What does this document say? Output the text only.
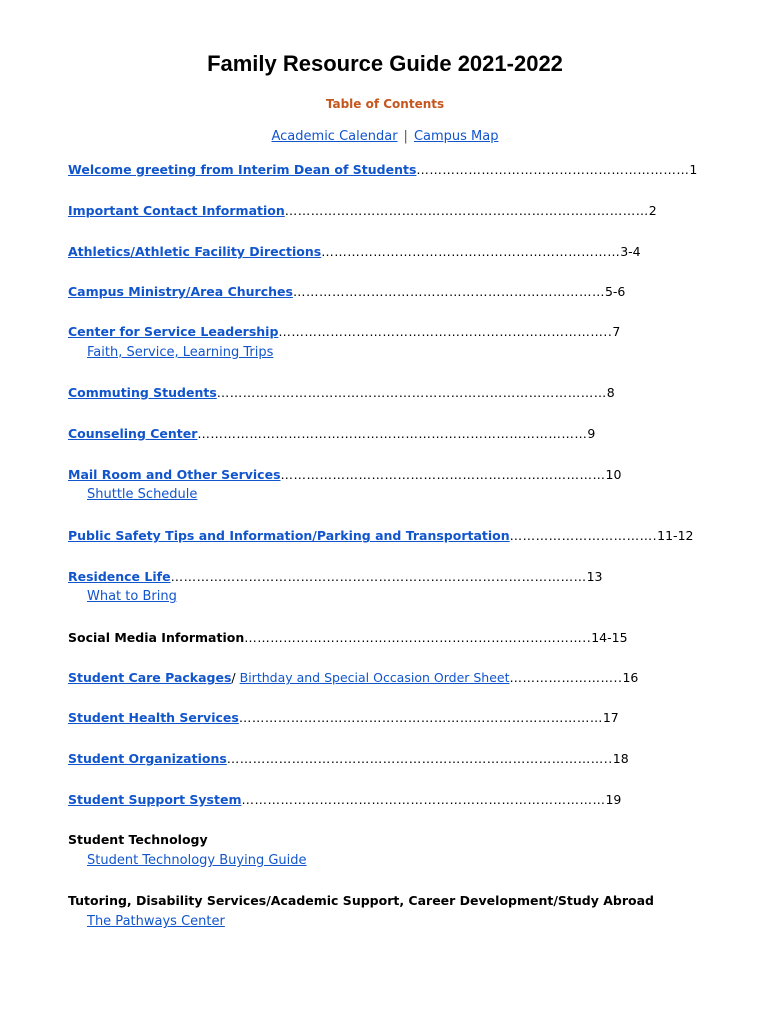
Family Resource Guide 2021-2022
Table of Contents
Academic Calendar | Campus Map
Welcome greeting from Interim Dean of Students………………………………………………………1
Important Contact Information…………………………………………………………………………2
Athletics/Athletic Facility Directions……………………………………………………………3-4
Campus Ministry/Area Churches………………………………………………………………5-6
Center for Service Leadership…………………………………………………………………..7
Faith, Service, Learning Trips
Commuting Students………………………………………………………………………………8
Counseling Center………………………………………………………………………………9
Mail Room and Other Services…………………………………………………………………10
Shuttle Schedule
Public Safety Tips and Information/Parking and Transportation…………………………….11-12
Residence Life……………………………………………………………………………………13
What to Bring
Social Media Information……………………………………………………………………..14-15
Student Care Packages/ Birthday and Special Occasion Order Sheet……………………..16
Student Health Services…………………………………………………………………………17
Student Organizations……………………………………………………………………………..18
Student Support System…………………………………………………………………………19
Student Technology
Student Technology Buying Guide
Tutoring, Disability Services/Academic Support, Career Development/Study Abroad
The Pathways Center
